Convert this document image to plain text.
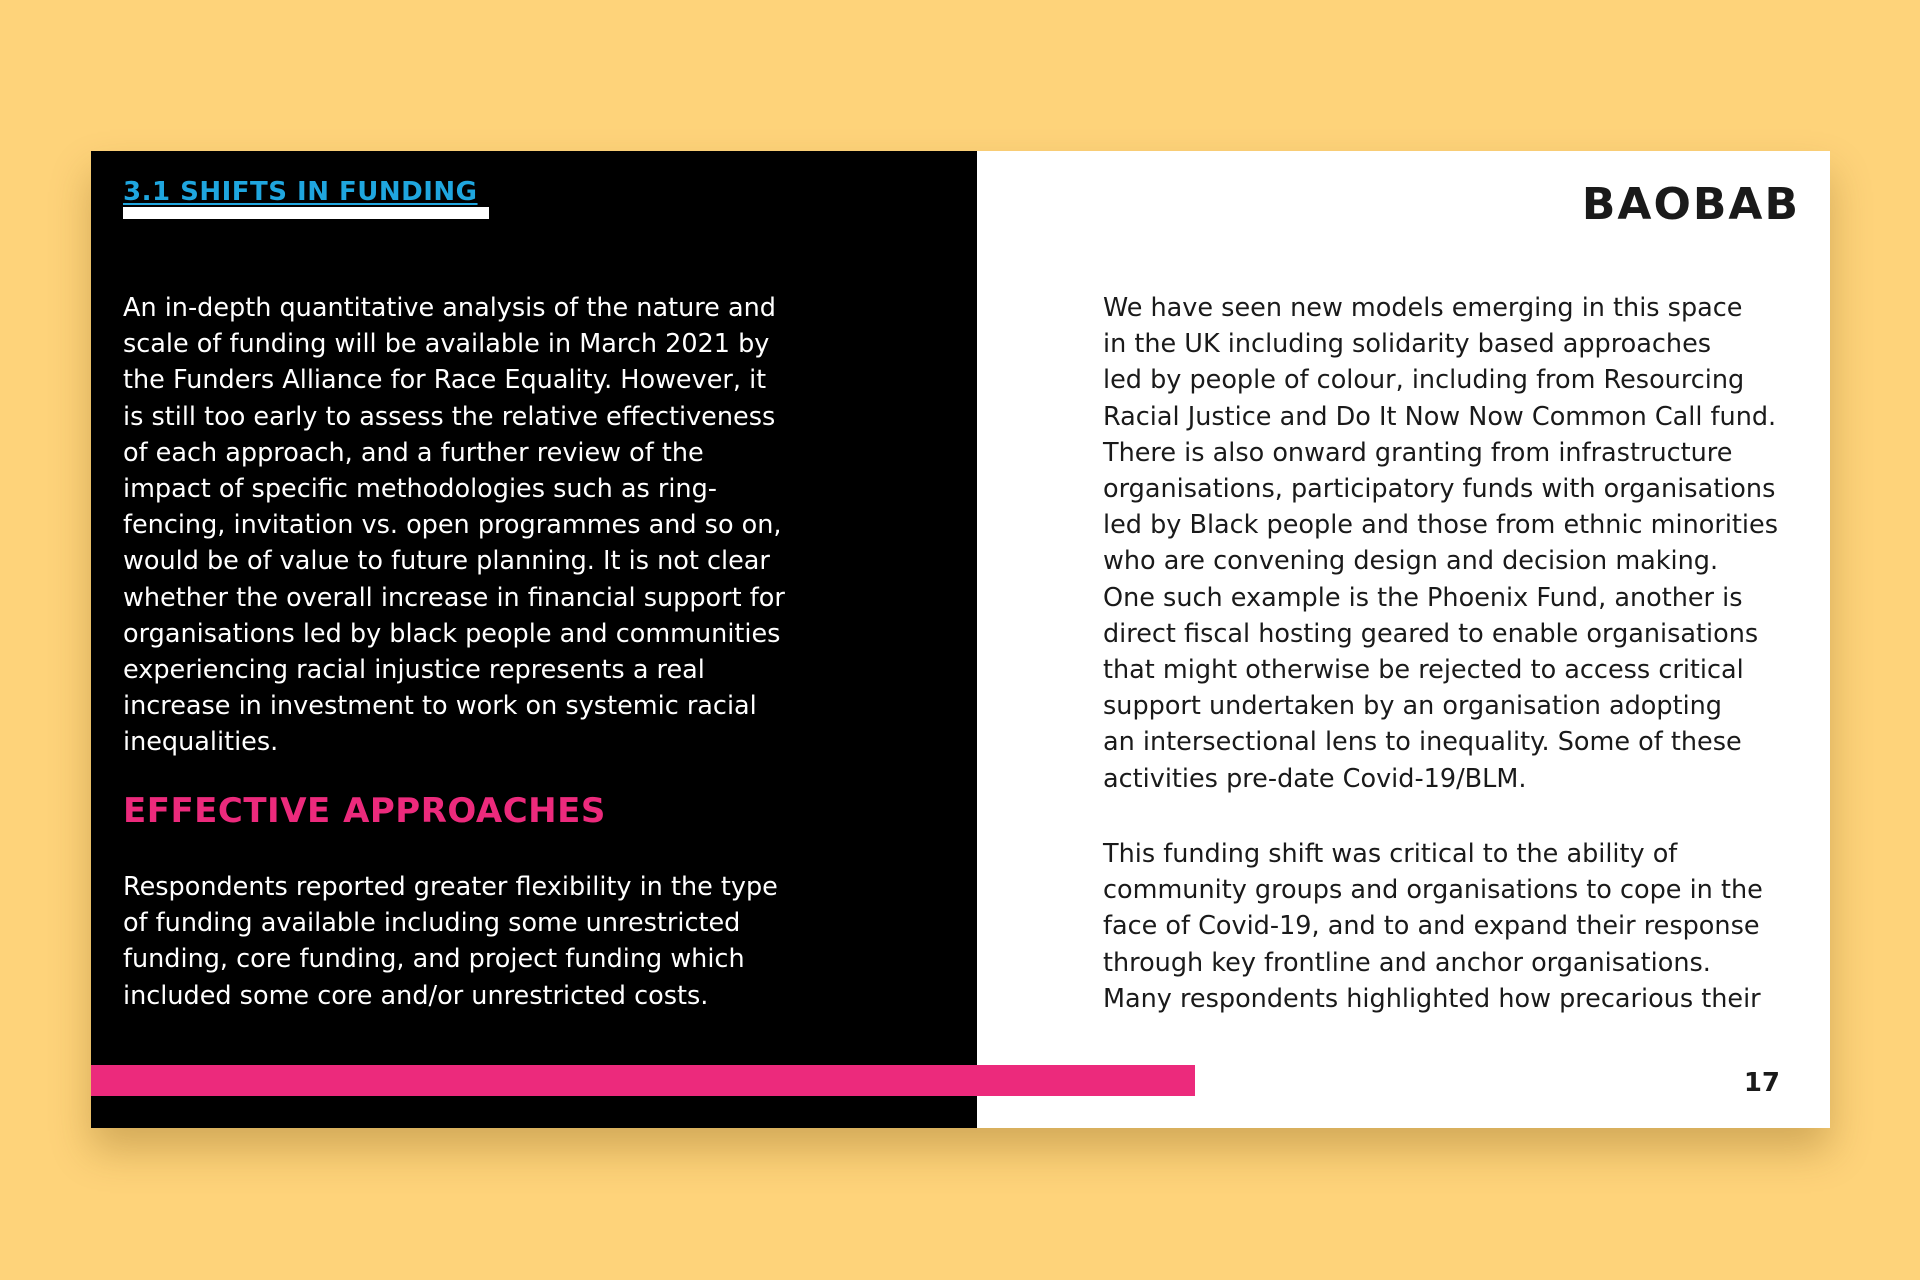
3.1 SHIFTS IN FUNDING
An in-depth quantitative analysis of the nature and
scale of funding will be available in March 2021 by
the Funders Alliance for Race Equality. However, it
is still too early to assess the relative effectiveness
of each approach, and a further review of the
impact of specific methodologies such as ring-
fencing, invitation vs. open programmes and so on,
would be of value to future planning. It is not clear
whether the overall increase in financial support for
organisations led by black people and communities
experiencing racial injustice represents a real
increase in investment to work on systemic racial
inequalities.
EFFECTIVE APPROACHES
Respondents reported greater flexibility in the type
of funding available including some unrestricted
funding, core funding, and project funding which
included some core and/or unrestricted costs.
BAOBAB
We have seen new models emerging in this space
in the UK including solidarity based approaches
led by people of colour, including from Resourcing
Racial Justice and Do It Now Now Common Call fund.
There is also onward granting from infrastructure
organisations, participatory funds with organisations
led by Black people and those from ethnic minorities
who are convening design and decision making.
One such example is the Phoenix Fund, another is
direct fiscal hosting geared to enable organisations
that might otherwise be rejected to access critical
support undertaken by an organisation adopting
an intersectional lens to inequality. Some of these
activities pre-date Covid-19/BLM.
This funding shift was critical to the ability of
community groups and organisations to cope in the
face of Covid-19, and to and expand their response
through key frontline and anchor organisations.
Many respondents highlighted how precarious their
17
